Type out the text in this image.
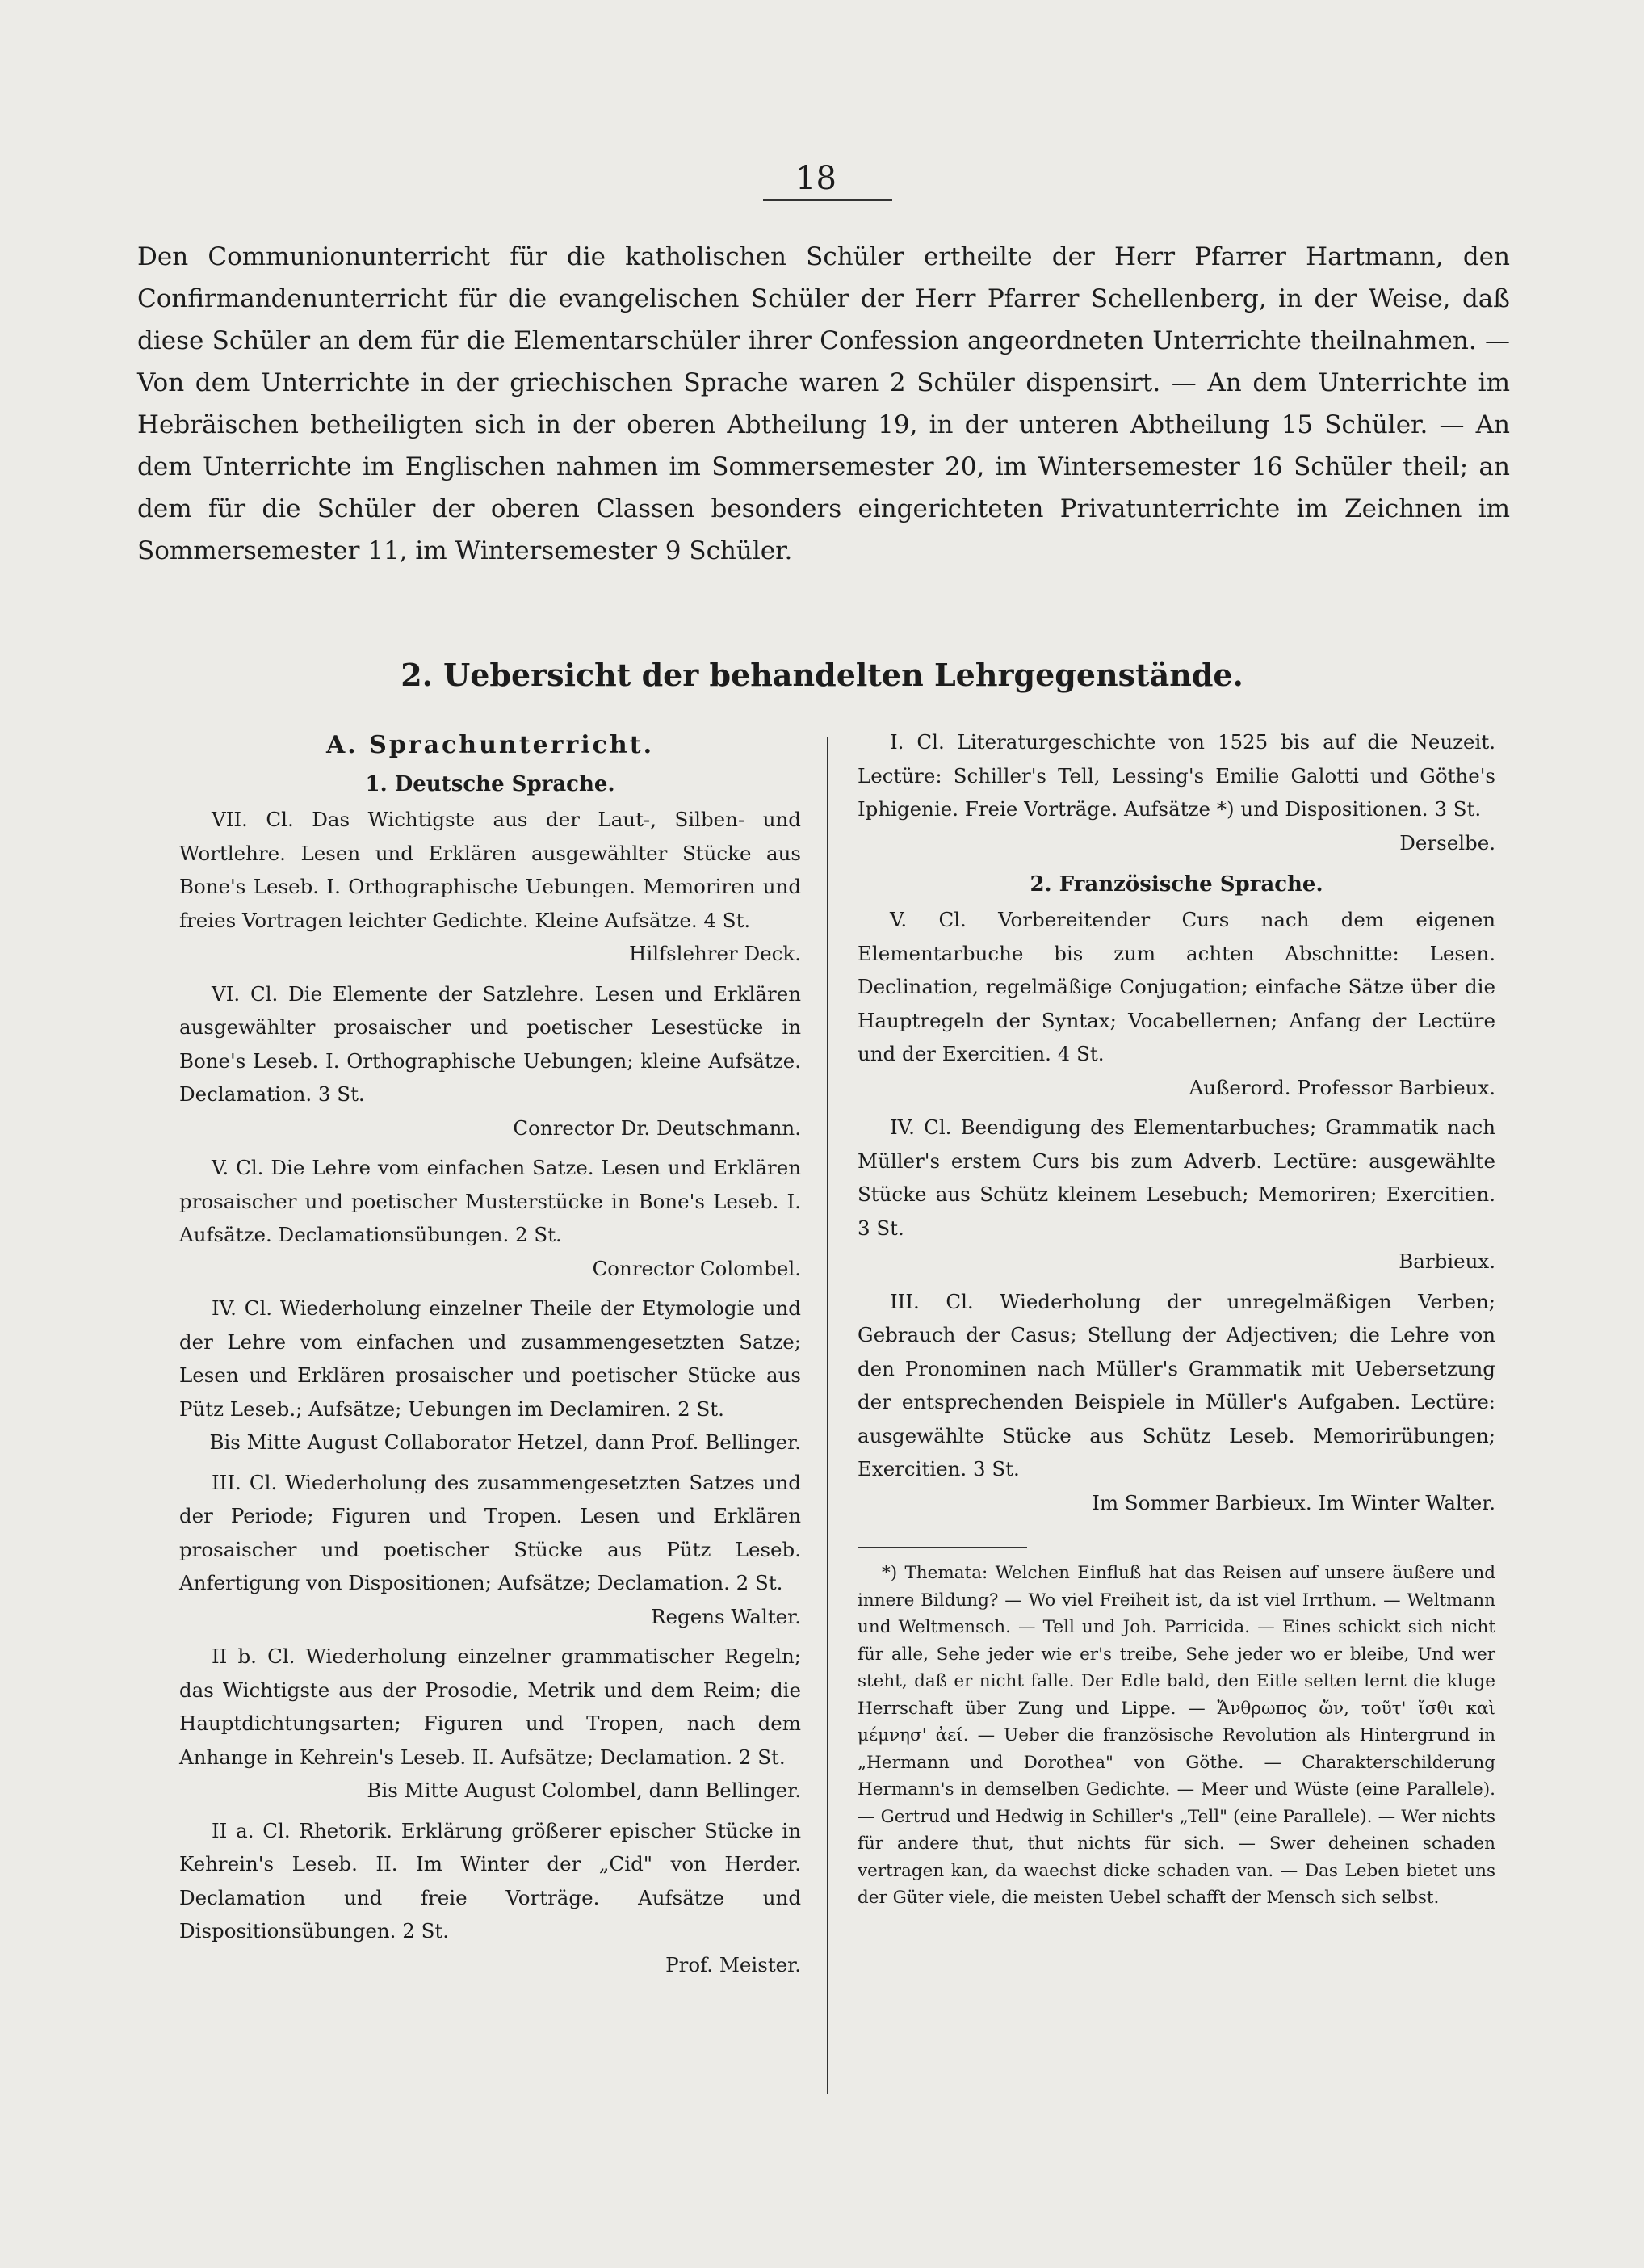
18

Den Communionunterricht für die katholischen Schüler ertheilte der Herr Pfarrer Hartmann, den Confirmandenunterricht für die evangelischen Schüler der Herr Pfarrer Schellenberg, in der Weise, daß diese Schüler an dem für die Elementarschüler ihrer Confession angeordneten Unterrichte theilnahmen. — Von dem Unterrichte in der griechischen Sprache waren 2 Schüler dispensirt. — An dem Unterrichte im Hebräischen betheiligten sich in der oberen Abtheilung 19, in der unteren Abtheilung 15 Schüler. — An dem Unterrichte im Englischen nahmen im Sommersemester 20, im Wintersemester 16 Schüler theil; an dem für die Schüler der oberen Classen besonders eingerichteten Privatunterrichte im Zeichnen im Sommersemester 11, im Wintersemester 9 Schüler.

2. Uebersicht der behandelten Lehrgegenstände.
A. Sprachunterricht.
1. Deutsche Sprache.

VII. Cl. Das Wichtigste aus der Laut-, Silben- und Wortlehre. Lesen und Erklären ausgewählter Stücke aus Bone's Leseb. I. Orthographische Uebungen. Memoriren und freies Vortragen leichter Gedichte. Kleine Aufsätze. 4 St.
Hilfslehrer Deck.

VI. Cl. Die Elemente der Satzlehre. Lesen und Erklären ausgewählter prosaischer und poetischer Lesestücke in Bone's Leseb. I. Orthographische Uebungen; kleine Aufsätze. Declamation. 3 St.
Conrector Dr. Deutschmann.

V. Cl. Die Lehre vom einfachen Satze. Lesen und Erklären prosaischer und poetischer Musterstücke in Bone's Leseb. I. Aufsätze. Declamationsübungen. 2 St.
Conrector Colombel.

IV. Cl. Wiederholung einzelner Theile der Etymologie und der Lehre vom einfachen und zusammengesetzten Satze; Lesen und Erklären prosaischer und poetischer Stücke aus Pütz Leseb.; Aufsätze; Uebungen im Declamiren. 2 St.
Bis Mitte August Collaborator Hetzel, dann Prof. Bellinger.

III. Cl. Wiederholung des zusammengesetzten Satzes und der Periode; Figuren und Tropen. Lesen und Erklären prosaischer und poetischer Stücke aus Pütz Leseb. Anfertigung von Dispositionen; Aufsätze; Declamation. 2 St.
Regens Walter.

II b. Cl. Wiederholung einzelner grammatischer Regeln; das Wichtigste aus der Prosodie, Metrik und dem Reim; die Hauptdichtungsarten; Figuren und Tropen, nach dem Anhange in Kehrein's Leseb. II. Aufsätze; Declamation. 2 St.
Bis Mitte August Colombel, dann Bellinger.

II a. Cl. Rhetorik. Erklärung größerer epischer Stücke in Kehrein's Leseb. II. Im Winter der „Cid" von Herder. Declamation und freie Vorträge. Aufsätze und Dispositionsübungen. 2 St.
Prof. Meister.

I. Cl. Literaturgeschichte von 1525 bis auf die Neuzeit. Lectüre: Schiller's Tell, Lessing's Emilie Galotti und Göthe's Iphigenie. Freie Vorträge. Aufsätze *) und Dispositionen. 3 St.
Derselbe.

2. Französische Sprache.

V. Cl. Vorbereitender Curs nach dem eigenen Elementarbuche bis zum achten Abschnitte: Lesen. Declination, regelmäßige Conjugation; einfache Sätze über die Hauptregeln der Syntax; Vocabellernen; Anfang der Lectüre und der Exercitien. 4 St.
Außerord. Professor Barbieux.

IV. Cl. Beendigung des Elementarbuches; Grammatik nach Müller's erstem Curs bis zum Adverb. Lectüre: ausgewählte Stücke aus Schütz kleinem Lesebuch; Memoriren; Exercitien. 3 St.
Barbieux.

III. Cl. Wiederholung der unregelmäßigen Verben; Gebrauch der Casus; Stellung der Adjectiven; die Lehre von den Pronominen nach Müller's Grammatik mit Uebersetzung der entsprechenden Beispiele in Müller's Aufgaben. Lectüre: ausgewählte Stücke aus Schütz Leseb. Memorirübungen; Exercitien. 3 St.
Im Sommer Barbieux. Im Winter Walter.

*) Themata: Welchen Einfluß hat das Reisen auf unsere äußere und innere Bildung? — Wo viel Freiheit ist, da ist viel Irrthum. — Weltmann und Weltmensch. — Tell und Joh. Parricida. — Eines schickt sich nicht für alle, Sehe jeder wie er's treibe, Sehe jeder wo er bleibe, Und wer steht, daß er nicht falle. Der Edle bald, den Eitle selten lernt die kluge Herrschaft über Zung und Lippe. — Ἄνθρωπος ὤν, τοῦτ' ἴσθι καὶ μέμνησ' ἀεί. — Ueber die französische Revolution als Hintergrund in „Hermann und Dorothea" von Göthe. — Charakterschilderung Hermann's in demselben Gedichte. — Meer und Wüste (eine Parallele). — Gertrud und Hedwig in Schiller's „Tell" (eine Parallele). — Wer nichts für andere thut, thut nichts für sich. — Swer deheinen schaden vertragen kan, da waechst dicke schaden van. — Das Leben bietet uns der Güter viele, die meisten Uebel schafft der Mensch sich selbst.
